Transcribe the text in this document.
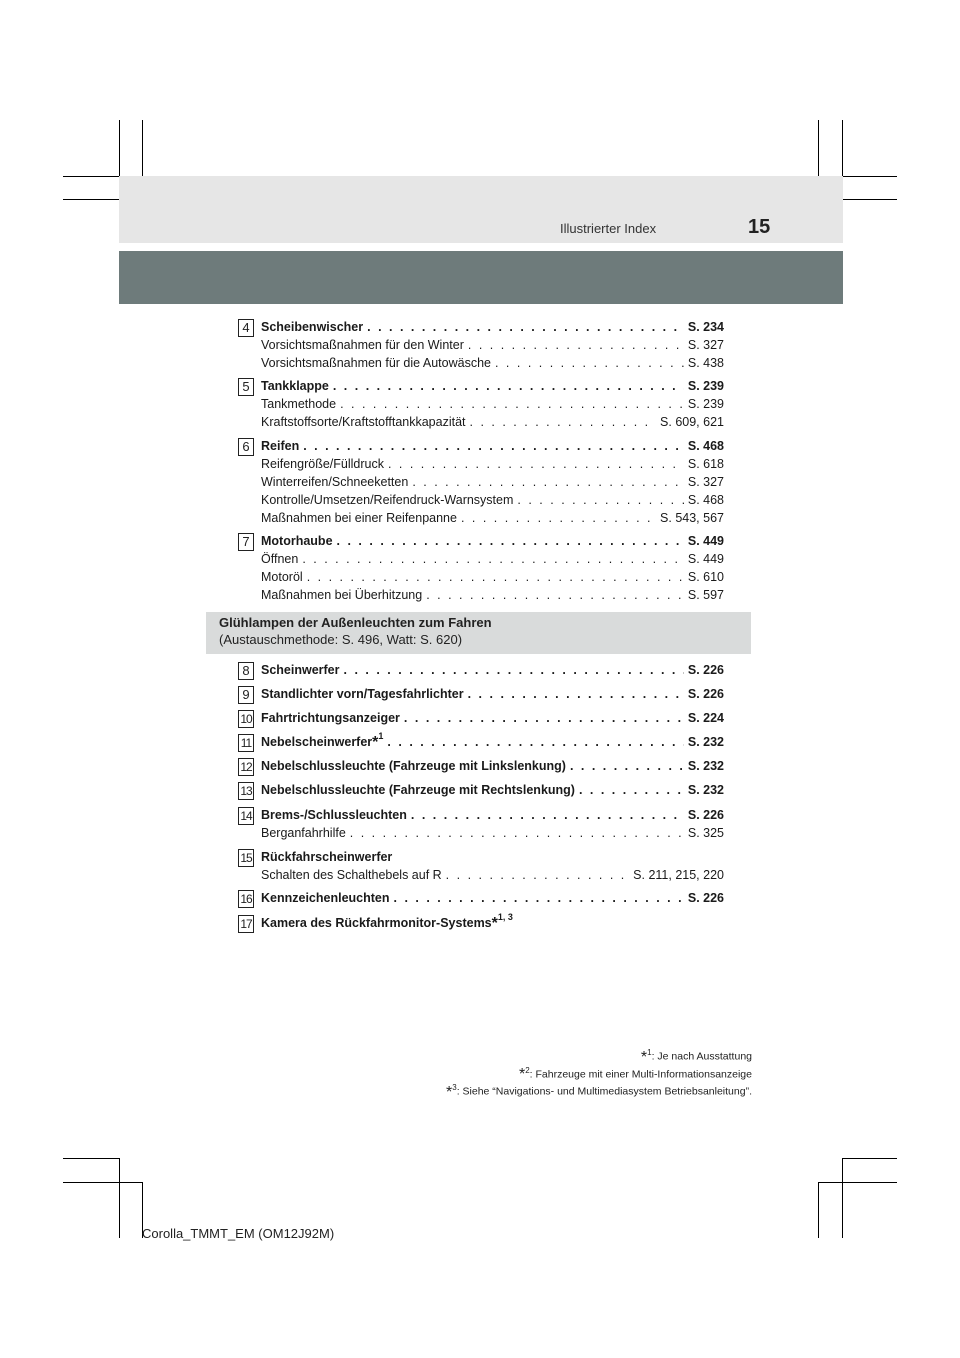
Illustrierter Index	15
4 Scheibenwischer . . .	S. 234
Vorsichtsmaßnahmen für den Winter . . .	S. 327
Vorsichtsmaßnahmen für die Autowäsche . . .	S. 438
5 Tankklappe . . .	S. 239
Tankmethode . . .	S. 239
Kraftstoffsorte/Kraftstofftankkapazität . . .	S. 609, 621
6 Reifen . . .	S. 468
Reifengröße/Fülldruck . . .	S. 618
Winterreifen/Schneeketten . . .	S. 327
Kontrolle/Umsetzen/Reifendruck-Warnsystem . . .	S. 468
Maßnahmen bei einer Reifenpanne . . .	S. 543, 567
7 Motorhaube . . .	S. 449
Öffnen . . .	S. 449
Motoröl . . .	S. 610
Maßnahmen bei Überhitzung . . .	S. 597
Glühlampen der Außenleuchten zum Fahren
(Austauschmethode: S. 496, Watt: S. 620)
8 Scheinwerfer . . .	S. 226
9 Standlichter vorn/Tagesfahrlichter . . .	S. 226
10 Fahrtrichtungsanzeiger . . .	S. 224
11 Nebelscheinwerfer*$^1$ . . .	S. 232
12 Nebelschlussleuchte (Fahrzeuge mit Linkslenkung) . . .	S. 232
13 Nebelschlussleuchte (Fahrzeuge mit Rechtslenkung) . . .	S. 232
14 Brems-/Schlussleuchten . . .	S. 226
Berganfahrhilfe . . .	S. 325
15 Rückfahrscheinwerfer
Schalten des Schalthebels auf R . . .	S. 211, 215, 220
16 Kennzeichenleuchten . . .	S. 226
17 Kamera des Rückfahrmonitor-Systems*$^{1, 3}$
*$^1$: Je nach Ausstattung
*$^2$: Fahrzeuge mit einer Multi-Informationsanzeige
*$^3$: Siehe “Navigations- und Multimediasystem Betriebsanleitung”.
Corolla_TMMT_EM (OM12J92M)
